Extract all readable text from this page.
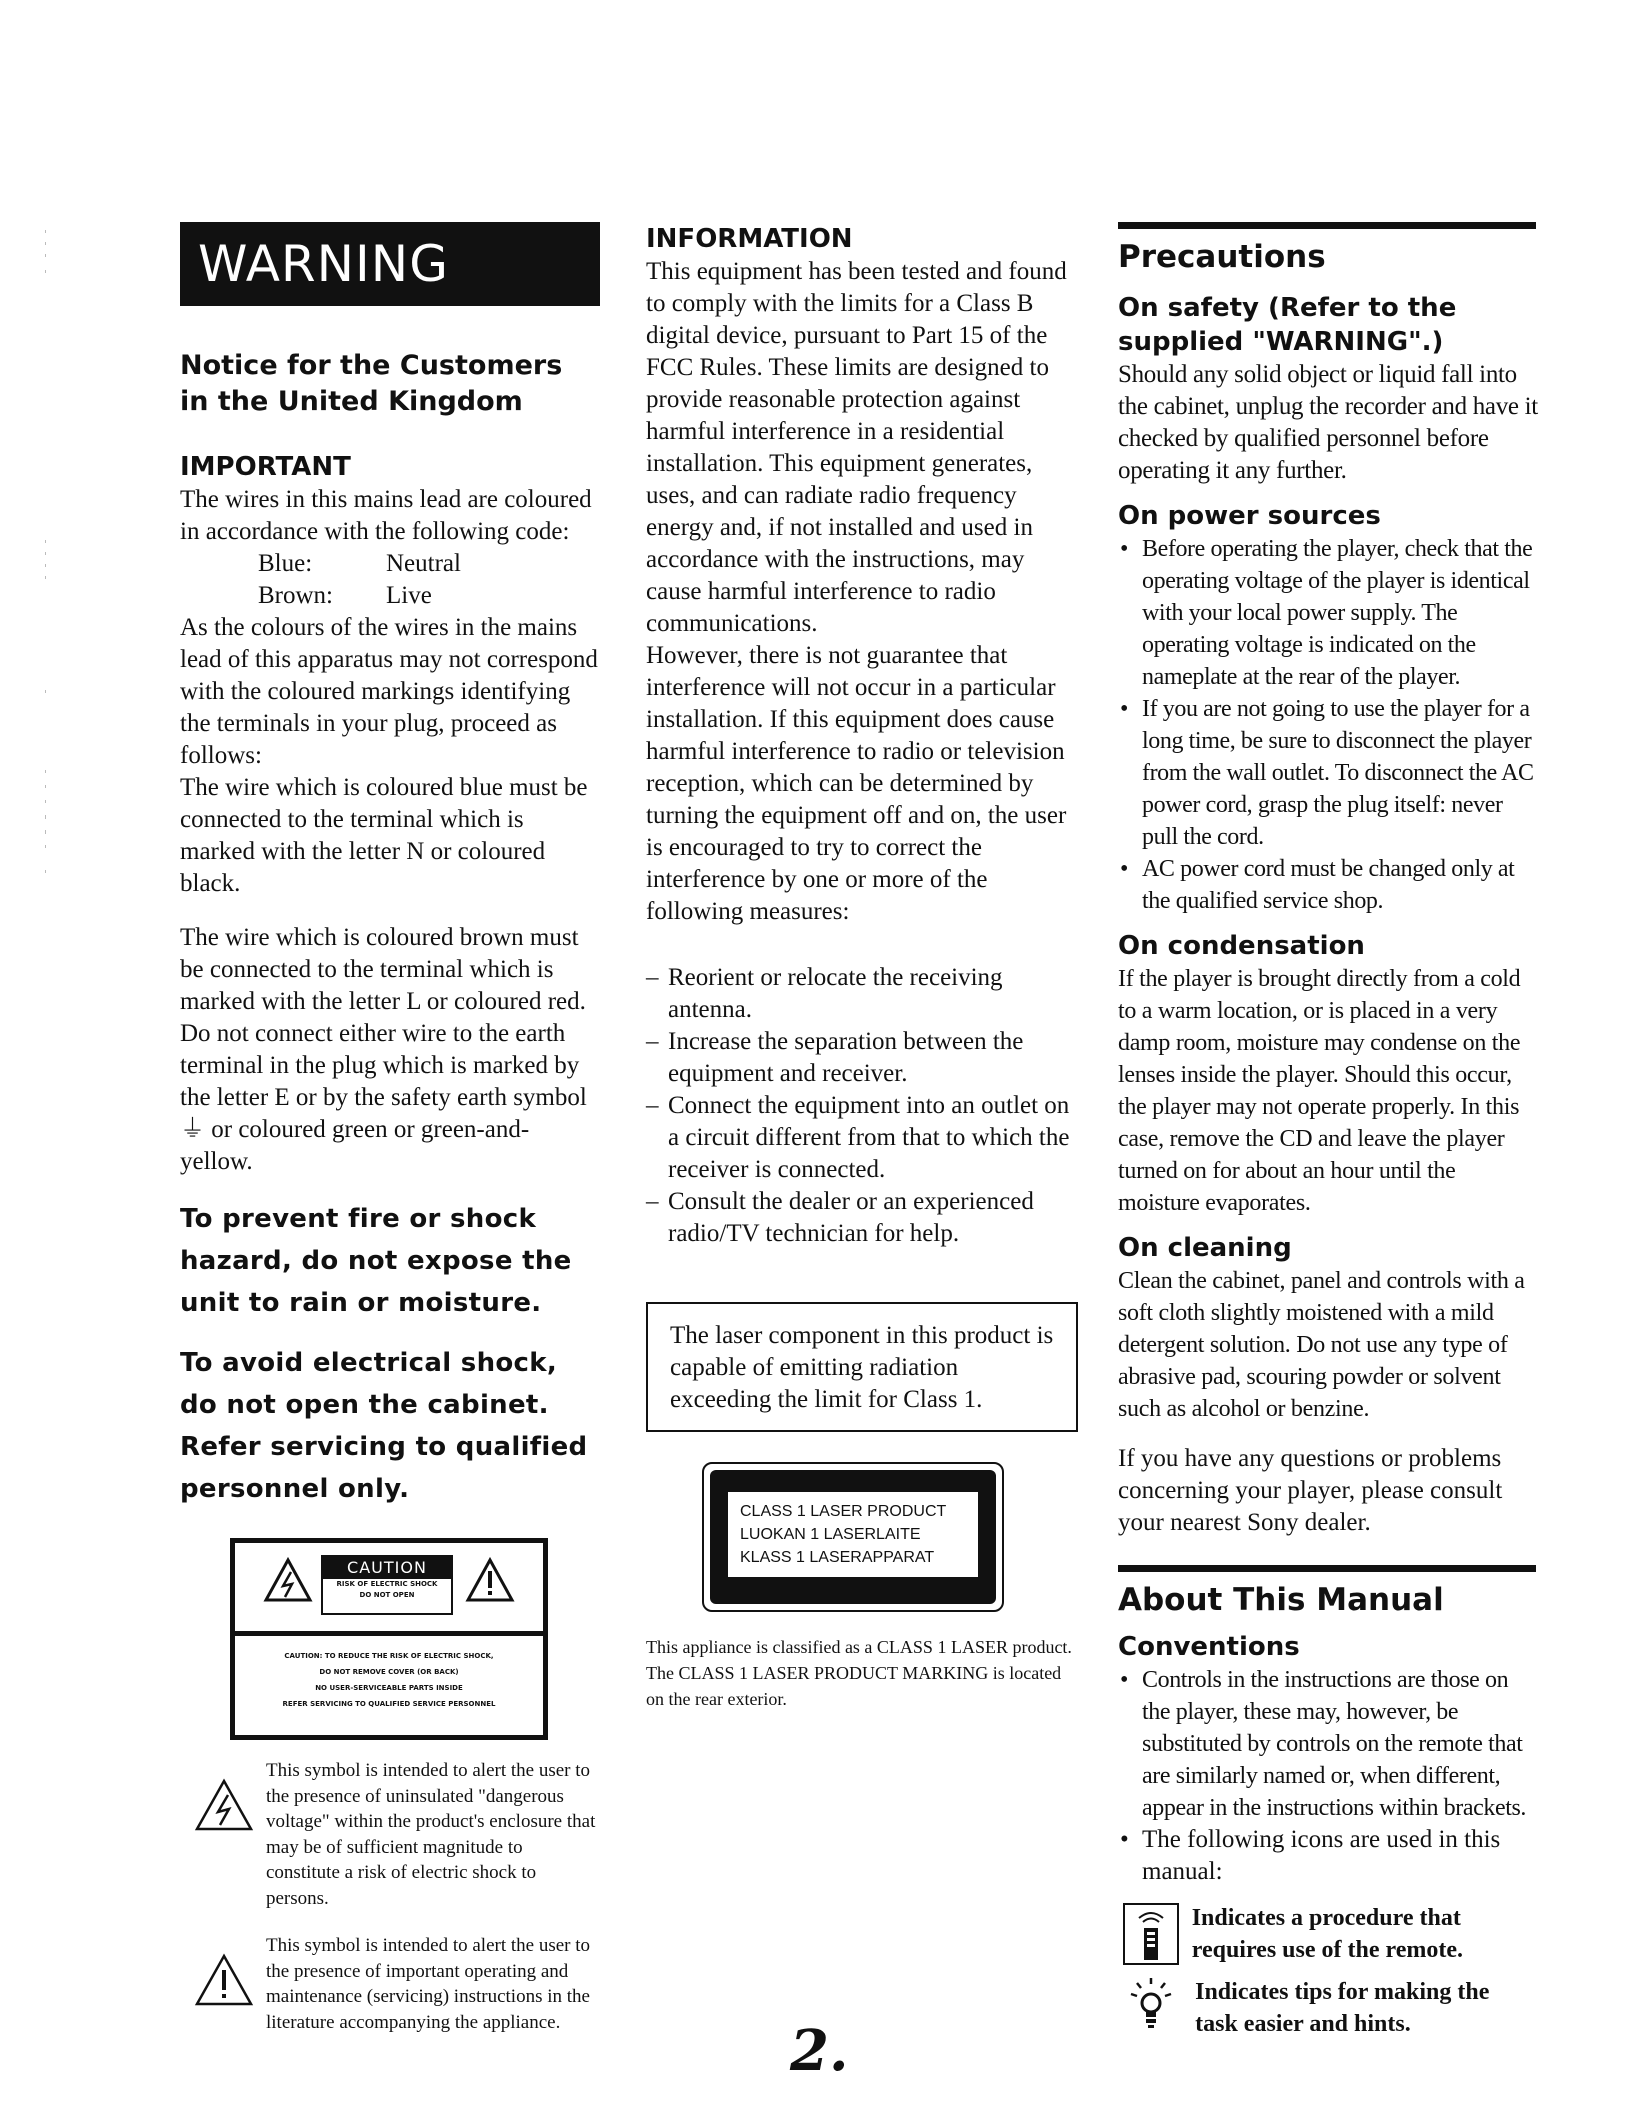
WARNING
Notice for the Customers in the United Kingdom
IMPORTANT

The wires in this mains lead are coloured in accordance with the following code:

Blue:	Neutral
Brown:	Live

As the colours of the wires in the mains lead of this apparatus may not correspond with the coloured markings identifying the terminals in your plug, proceed as follows:

The wire which is coloured blue must be connected to the terminal which is marked with the letter N or coloured black.

The wire which is coloured brown must be connected to the terminal which is marked with the letter L or coloured red. Do not connect either wire to the earth terminal in the plug which is marked by the letter E or by the safety earth symbol ⏚ or coloured green or green-and-yellow.

To prevent fire or shock hazard, do not expose the unit to rain or moisture.

To avoid electrical shock, do not open the cabinet. Refer servicing to qualified personnel only.

CAUTION
RISK OF ELECTRIC SHOCK
DO NOT OPEN
CAUTION: TO REDUCE THE RISK OF ELECTRIC SHOCK,
DO NOT REMOVE COVER (OR BACK)
NO USER-SERVICEABLE PARTS INSIDE
REFER SERVICING TO QUALIFIED SERVICE PERSONNEL

This symbol is intended to alert the user to the presence of uninsulated "dangerous voltage" within the product's enclosure that may be of sufficient magnitude to constitute a risk of electric shock to persons.

This symbol is intended to alert the user to the presence of important operating and maintenance (servicing) instructions in the literature accompanying the appliance.

INFORMATION

This equipment has been tested and found to comply with the limits for a Class B digital device, pursuant to Part 15 of the FCC Rules. These limits are designed to provide reasonable protection against harmful interference in a residential installation. This equipment generates, uses, and can radiate radio frequency energy and, if not installed and used in accordance with the instructions, may cause harmful interference to radio communications.

However, there is not guarantee that interference will not occur in a particular installation. If this equipment does cause harmful interference to radio or television reception, which can be determined by turning the equipment off and on, the user is encouraged to try to correct the interference by one or more of the following measures:

– Reorient or relocate the receiving antenna.
– Increase the separation between the equipment and receiver.
– Connect the equipment into an outlet on a circuit different from that to which the receiver is connected.
– Consult the dealer or an experienced radio/TV technician for help.

The laser component in this product is capable of emitting radiation exceeding the limit for Class 1.

CLASS 1 LASER PRODUCT
LUOKAN 1 LASERLAITE
KLASS 1 LASERAPPARAT

This appliance is classified as a CLASS 1 LASER product.

The CLASS 1 LASER PRODUCT MARKING is located on the rear exterior.

2.
Precautions
On safety (Refer to the supplied "WARNING".)

Should any solid object or liquid fall into the cabinet, unplug the recorder and have it checked by qualified personnel before operating it any further.

On power sources
• Before operating the player, check that the operating voltage of the player is identical with your local power supply. The operating voltage is indicated on the nameplate at the rear of the player.
• If you are not going to use the player for a long time, be sure to disconnect the player from the wall outlet. To disconnect the AC power cord, grasp the plug itself: never pull the cord.
• AC power cord must be changed only at the qualified service shop.
On condensation

If the player is brought directly from a cold to a warm location, or is placed in a very damp room, moisture may condense on the lenses inside the player. Should this occur, the player may not operate properly. In this case, remove the CD and leave the player turned on for about an hour until the moisture evaporates.

On cleaning

Clean the cabinet, panel and controls with a soft cloth slightly moistened with a mild detergent solution. Do not use any type of abrasive pad, scouring powder or solvent such as alcohol or benzine.

If you have any questions or problems concerning your player, please consult your nearest Sony dealer.

About This Manual
Conventions
• Controls in the instructions are those on the player, these may, however, be substituted by controls on the remote that are similarly named or, when different, appear in the instructions within brackets.
• The following icons are used in this manual:
Indicates a procedure that requires use of the remote.
Indicates tips for making the task easier and hints.
